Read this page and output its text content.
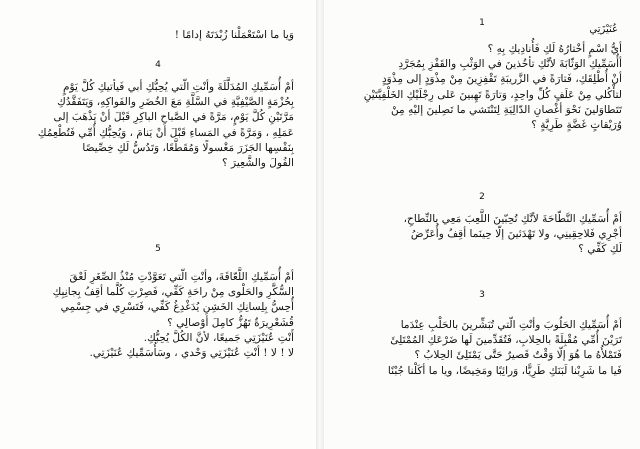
عُنَيْزَتِي

1

أيُّ اسْمٍ أخْتارُهُ لَكِ فَأُنادِيكِ بِهِ ؟
أأُسَمِّيكِ الوَثّابَةَ لأنَّكِ تأخُذينَ في الوَثْبِ والقَفْزِ بِمُجَرَّدِ
أنْ أُطْلِقَكِ، فَتارَةً في الزَّريبَةِ تَقْفِزِينَ مِنْ مِذْوَدٍ إلى مِذْوَدٍ
لتأْكُلي مِنْ عَلَفٍ كُلِّ واحِدٍ، وَتارَةً تَهِبينَ عَلى رِجْلَيْكِ الخَلْفِيَّتَيْنِ
تَتَطاوَلينَ نَحْوَ أغْصانِ الدّالِيَةِ لِتَنْتَشي ما تَصِلينَ إليْهِ مِنْ
وُرَيْقاتٍ غَضَّةٍ طَرِيَّةٍ ؟

2

أمْ أُسَمِّيكِ النَّطّاحَةَ لأنَّكِ تُحِبّينَ اللَّعِبَ مَعِي بالنِّطاحِ،
أجْرِي فَلاحِقِينِي، ولا تَهْدَئينَ إلّا حِينَما أقِفُ وأُعَرِّضُ
لَكِ كَفِّي ؟

3

أمْ أُسَمِّيكِ الحَلُوبَ وأنْتِ الّتي تُبَشِّرينَ بالحَلْبِ عِنْدَما
تَرَيْنَ أُمِّي مُقْبِلَةً بالحِلابِ، فَتُقَدِّمينَ لَها ضَرْعَكِ المُمْتَلِئَ
فَتَمْلأُهُ ما هُوَ إلّا وَقْتٌ قَصيرٌ حَتَّى يَمْتَلِئَ الحِلابُ ؟
فَيا ما شَرِبْنا لَبَنَكِ طَرِيًّا، وَرائِبًا ومَخِيضًا، ويا ما أكَلْنا جُبْنًا

وَيا ما اسْتَعْمَلْنا زُبْدَتَهُ إدامًا !

4

أمْ أُسَمِّيكِ المُدَلَّلَةَ وأنْتِ الّتي يُحِبُّكِ أبي فَيأتيكِ كُلَّ يَوْمٍ
بِحُزْمَةٍ الصَّيْفِيَّةِ في السَّلَّةِ مَعَ الخُضَرِ والفَواكِهِ، وَيَتَفَقَّدُكِ
مَرَّتَيْنِ كُلَّ يَوْمٍ، مَرَّةً في الصَّباحِ الباكِرِ قَبْلَ أنْ يَذْهَبَ إلى
عَمَلِهِ ، وَمَرَّةً في المَساءِ قَبْلَ أنْ يَنامَ ، وَيُحِبُّكِ أُمِّي فَتُطْعِمُكِ
بِنَفْسِها الجَزَرَ مَغْسولًا وَمُقَطَّعًا، وَتَدُسُّ لَكِ خِصِّيصًا
الفُولَ والشَّعِيرَ ؟

5

أمْ أُسَمِّيكِ اللَّعّاقَةَ، وأنْتِ الّتي تَعَوَّدْتِ مُنْذُ الصِّغَرِ لَعْقَ
السُّكَّرِ والحَلْوى مِنْ راحَةِ كَفِّي، فَصِرْتِ كُلَّما أقِفُ بِجانِبِكِ
أُحِسُّ بِلِسانِكِ الخَشِنِ يُدَغْدِغُ كَفِّي، فَتَسْرِي في جِسْمِي
قُشَعْرِيرَةٌ تَهُزُّ كامِلَ أوْصالِي ؟
أَنْتِ عُنَيْزَتِي جَميعًا، لأنَّ الكُلَّ يُحِبُّكِ.
لا ! لا ! أنْتِ عُنَيْزَتِي وَحْدي ، وسَأُسَمِّيكِ عُنَيْزَتِي.
